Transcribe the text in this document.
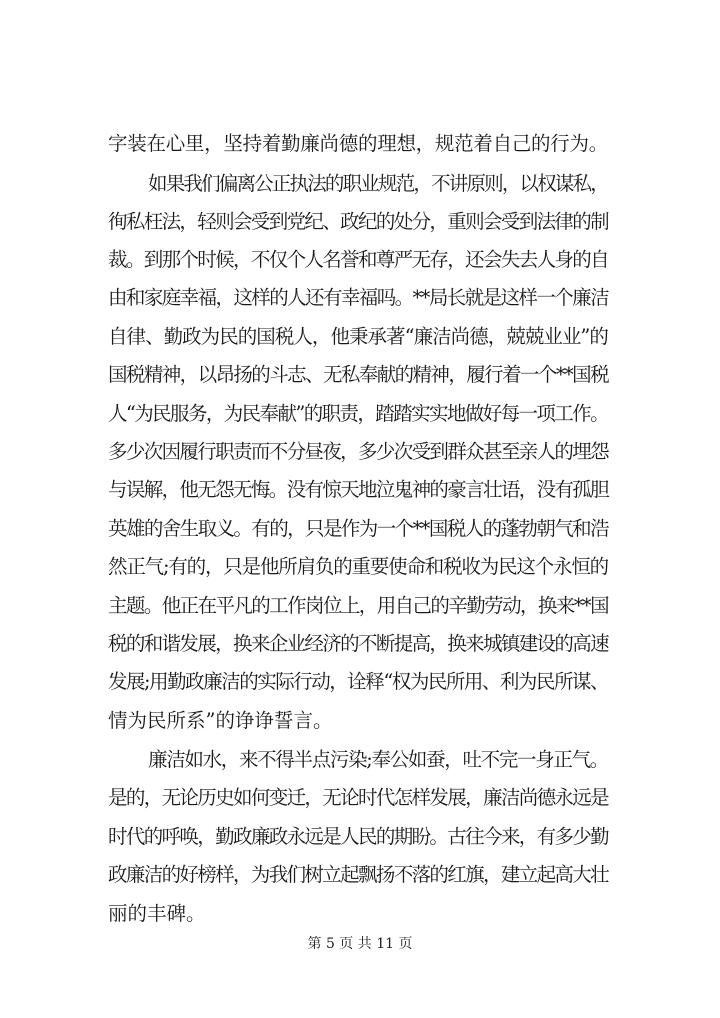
字装在心里，坚持着勤廉尚德的理想，规范着自己的行为。
如果我们偏离公正执法的职业规范，不讲原则，以权谋私，
徇私枉法，轻则会受到党纪、政纪的处分，重则会受到法律的制
裁。到那个时候，不仅个人名誉和尊严无存，还会失去人身的自
由和家庭幸福，这样的人还有幸福吗。**局长就是这样一个廉洁
自律、勤政为民的国税人，他秉承著“廉洁尚德，兢兢业业”的
国税精神，以昂扬的斗志、无私奉献的精神，履行着一个**国税
人“为民服务，为民奉献”的职责，踏踏实实地做好每一项工作。
多少次因履行职责而不分昼夜，多少次受到群众甚至亲人的埋怨
与误解，他无怨无悔。没有惊天地泣鬼神的豪言壮语，没有孤胆
英雄的舍生取义。有的，只是作为一个**国税人的蓬勃朝气和浩
然正气;有的，只是他所肩负的重要使命和税收为民这个永恒的
主题。他正在平凡的工作岗位上，用自己的辛勤劳动，换来**国
税的和谐发展，换来企业经济的不断提高，换来城镇建设的高速
发展;用勤政廉洁的实际行动，诠释“权为民所用、利为民所谋、
情为民所系”的诤诤誓言。
廉洁如水，来不得半点污染;奉公如蚕，吐不完一身正气。
是的，无论历史如何变迁，无论时代怎样发展，廉洁尚德永远是
时代的呼唤，勤政廉政永远是人民的期盼。古往今来，有多少勤
政廉洁的好榜样，为我们树立起飘扬不落的红旗，建立起高大壮
丽的丰碑。
第 5 页 共 11 页
